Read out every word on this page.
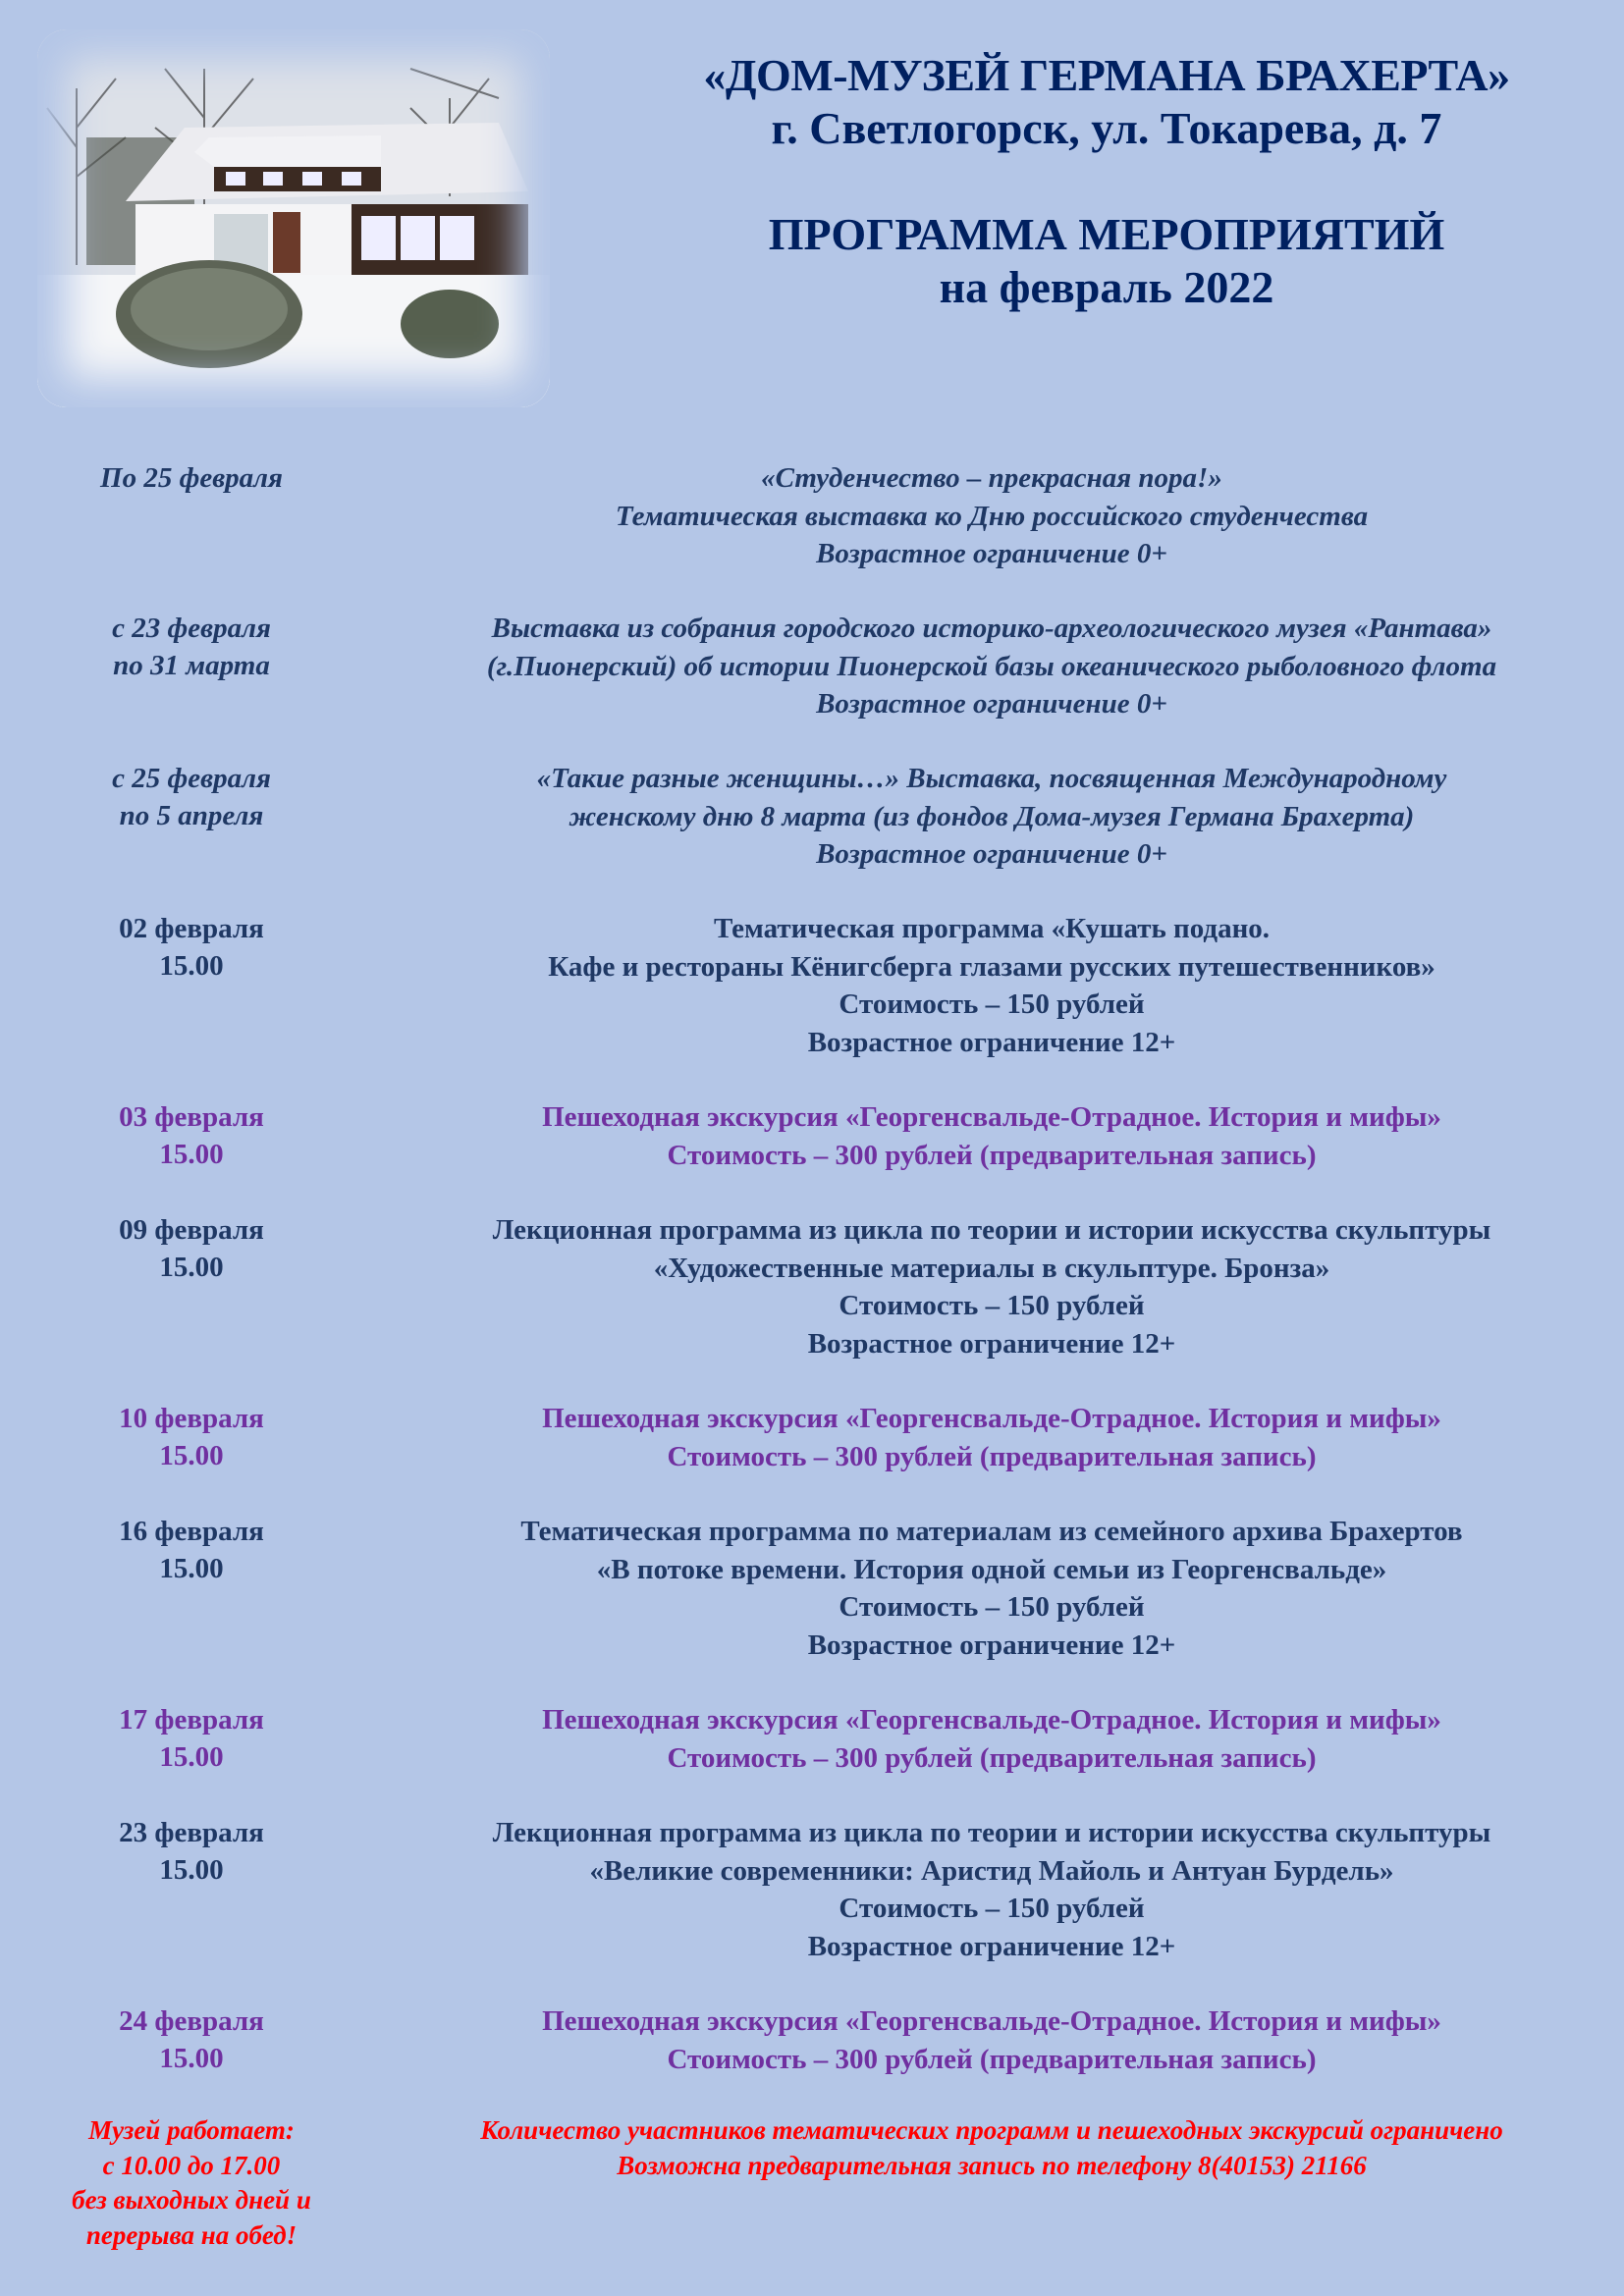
«ДОМ-МУЗЕЙ ГЕРМАНА БРАХЕРТА»
г. Светлогорск, ул. Токарева, д. 7
ПРОГРАММА МЕРОПРИЯТИЙ
на февраль 2022
По 25 февраля	«Студенчество – прекрасная пора!»
Тематическая выставка ко Дню российского студенчества
Возрастное ограничение 0+
с 23 февраля
по 31 марта
Выставка из собрания городского историко-археологического музея «Рантава»
(г.Пионерский) об истории Пионерской базы океанического рыболовного флота
Возрастное ограничение 0+
с 25 февраля
по 5 апреля
«Такие разные женщины…» Выставка, посвященная Международному
женскому дню 8 марта (из фондов Дома-музея Германа Брахерта)
Возрастное ограничение 0+
02 февраля
15.00
Тематическая программа «Кушать подано.
Кафе и рестораны Кёнигсберга глазами русских путешественников»
Стоимость – 150 рублей
Возрастное ограничение 12+
03 февраля
15.00
Пешеходная экскурсия «Георгенсвальде-Отрадное. История и мифы»
Стоимость – 300 рублей (предварительная запись)
09 февраля
15.00
Лекционная программа из цикла по теории и истории искусства скульптуры
«Художественные материалы в скульптуре. Бронза»
Стоимость – 150 рублей
Возрастное ограничение 12+
10 февраля
15.00
Пешеходная экскурсия «Георгенсвальде-Отрадное. История и мифы»
Стоимость – 300 рублей (предварительная запись)
16 февраля
15.00
Тематическая программа по материалам из семейного архива Брахертов
«В потоке времени. История одной семьи из Георгенсвальде»
Стоимость – 150 рублей
Возрастное ограничение 12+
17 февраля
15.00
Пешеходная экскурсия «Георгенсвальде-Отрадное. История и мифы»
Стоимость – 300 рублей (предварительная запись)
23 февраля
15.00
Лекционная программа из цикла по теории и истории искусства скульптуры
«Великие современники: Аристид Майоль и Антуан Бурдель»
Стоимость – 150 рублей
Возрастное ограничение 12+
24 февраля
15.00
Пешеходная экскурсия «Георгенсвальде-Отрадное. История и мифы»
Стоимость – 300 рублей (предварительная запись)
Музей работает:
с 10.00 до 17.00
без выходных дней и
перерыва на обед!
Количество участников тематических программ и пешеходных экскурсий ограничено
Возможна предварительная запись по телефону 8(40153) 21166
